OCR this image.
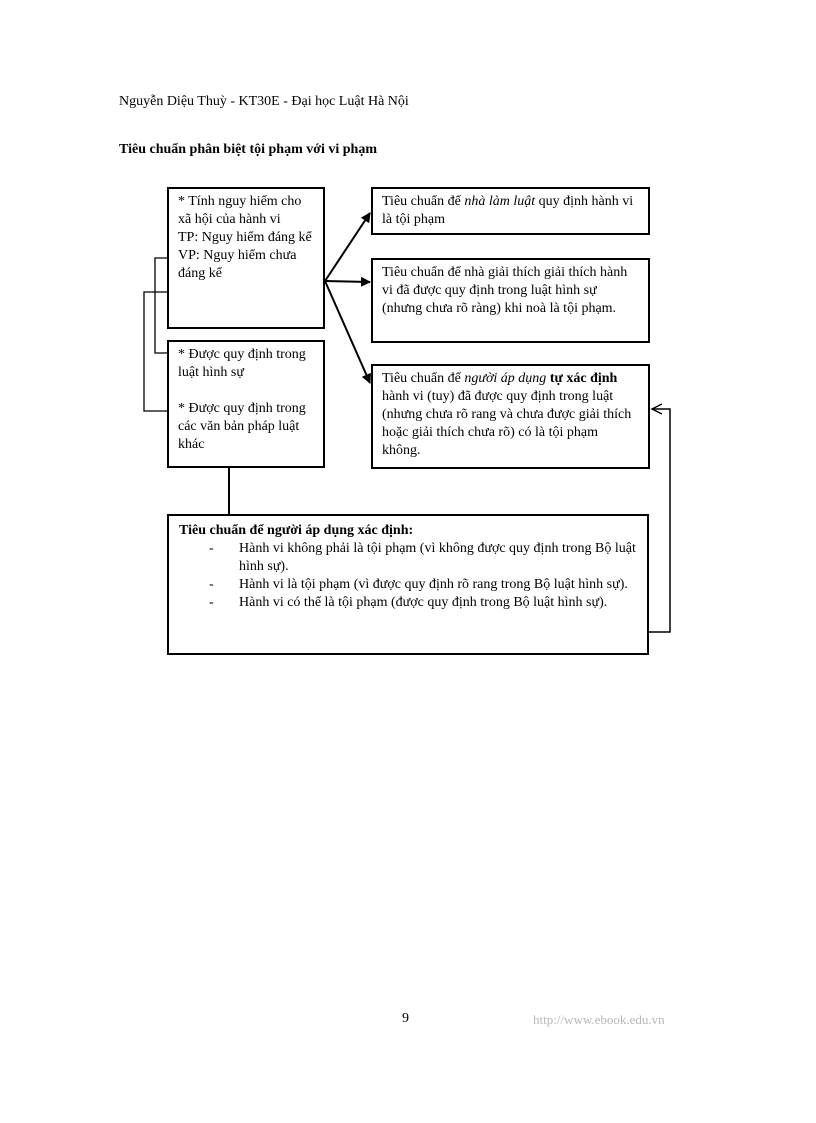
Nguyễn Diệu Thuỳ - KT30E - Đại học Luật Hà Nội
Tiêu chuẩn phân biệt tội phạm với vi phạm

* Tính nguy hiểm cho xã hội của hành vi

TP: Nguy hiểm đáng kể

VP: Nguy hiểm chưa đáng kể

* Được quy định trong luật hình sự

* Được quy định trong các văn bản pháp luật khác

Tiêu chuẩn để nhà làm luật quy định hành vi là tội phạm

Tiêu chuẩn để nhà giải thích giải thích hành vi đã được quy định trong luật hình sự (nhưng chưa rõ ràng) khi noà là tội phạm.

Tiêu chuẩn để người áp dụng tự xác định hành vi (tuy) đã được quy định trong luật (nhưng chưa rõ rang và chưa được giải thích hoặc giải thích chưa rõ) có là tội phạm không.

Tiêu chuẩn để người áp dụng xác định:

- Hành vi không phải là tội phạm (vì không được quy định trong Bộ luật hình sự).
- Hành vi là tội phạm (vì được quy định rõ rang trong Bộ luật hình sự).
- Hành vi có thể là tội phạm (được quy định trong Bộ luật hình sự).
9	http://www.ebook.edu.vn
